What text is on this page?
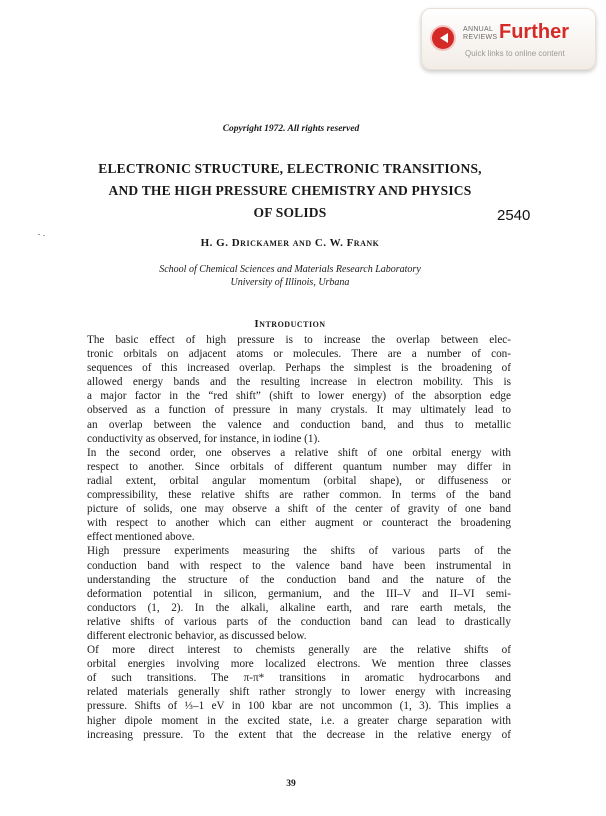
ANNUAL
REVIEWS Further
Quick links to online content
Copyright 1972. All rights reserved
ELECTRONIC STRUCTURE, ELECTRONIC TRANSITIONS,
AND THE HIGH PRESSURE CHEMISTRY AND PHYSICS
OF SOLIDS	2540
H. G. Drickamer and C. W. Frank
School of Chemical Sciences and Materials Research Laboratory
University of Illinois, Urbana
Introduction

The basic effect of high pressure is to increase the overlap between elec-
tronic orbitals on adjacent atoms or molecules. There are a number of con-
sequences of this increased overlap. Perhaps the simplest is the broadening of
allowed energy bands and the resulting increase in electron mobility. This is
a major factor in the “red shift” (shift to lower energy) of the absorption edge
observed as a function of pressure in many crystals. It may ultimately lead to
an overlap between the valence and conduction band, and thus to metallic
conductivity as observed, for instance, in iodine (1).

In the second order, one observes a relative shift of one orbital energy with
respect to another. Since orbitals of different quantum number may differ in
radial extent, orbital angular momentum (orbital shape), or diffuseness or
compressibility, these relative shifts are rather common. In terms of the band
picture of solids, one may observe a shift of the center of gravity of one band
with respect to another which can either augment or counteract the broadening
effect mentioned above.

High pressure experiments measuring the shifts of various parts of the
conduction band with respect to the valence band have been instrumental in
understanding the structure of the conduction band and the nature of the
deformation potential in silicon, germanium, and the III–V and II–VI semi-
conductors (1, 2). In the alkali, alkaline earth, and rare earth metals, the
relative shifts of various parts of the conduction band can lead to drastically
different electronic behavior, as discussed below.

Of more direct interest to chemists generally are the relative shifts of
orbital energies involving more localized electrons. We mention three classes
of such transitions. The π-π* transitions in aromatic hydrocarbons and
related materials generally shift rather strongly to lower energy with increasing
pressure. Shifts of ⅓–1 eV in 100 kbar are not uncommon (1, 3). This implies a
higher dipole moment in the excited state, i.e. a greater charge separation with
increasing pressure. To the extent that the decrease in the relative energy of

39
